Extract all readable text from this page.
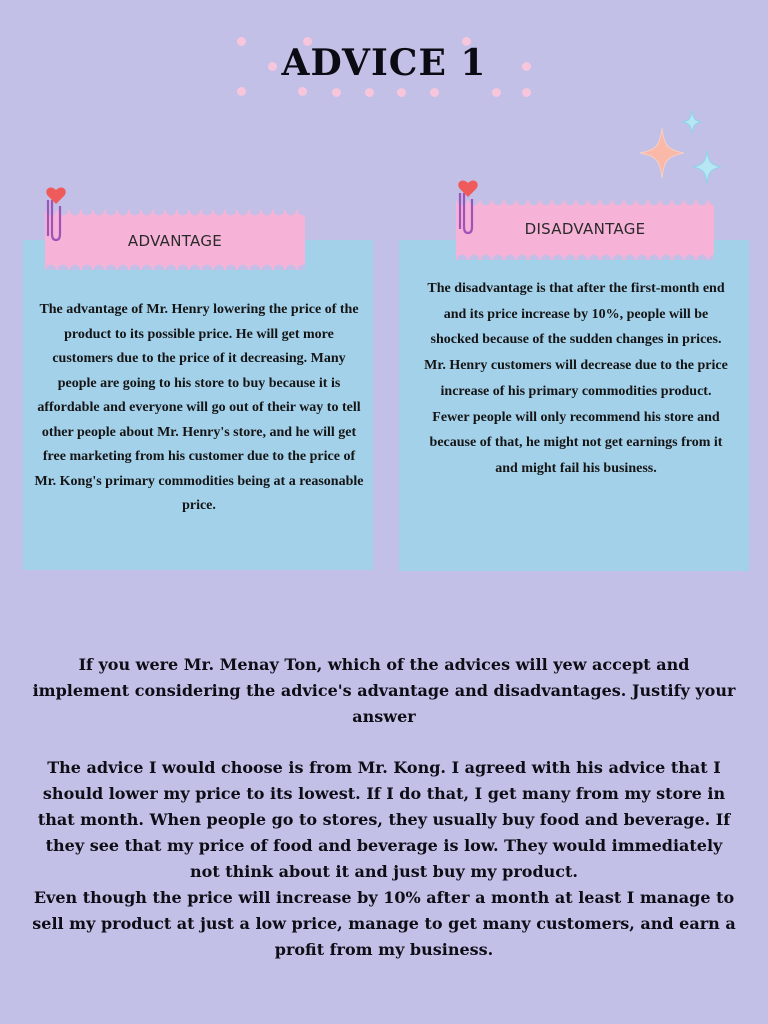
ADVICE 1
ADVANTAGE

The advantage of Mr. Henry lowering the price of the product to its possible price. He will get more customers due to the price of it decreasing. Many people are going to his store to buy because it is affordable and everyone will go out of their way to tell other people about Mr. Henry's store, and he will get free marketing from his customer due to the price of Mr. Kong's primary commodities being at a reasonable price.

DISADVANTAGE

The disadvantage is that after the first-month end and its price increase by 10%, people will be shocked because of the sudden changes in prices.

Mr. Henry customers will decrease due to the price increase of his primary commodities product.

Fewer people will only recommend his store and because of that, he might not get earnings from it and might fail his business.

If you were Mr. Menay Ton, which of the advices will yew accept and implement considering the advice's advantage and disadvantages. Justify your answer

The advice I would choose is from Mr. Kong. I agreed with his advice that I should lower my price to its lowest. If I do that, I get many from my store in that month. When people go to stores, they usually buy food and beverage. If they see that my price of food and beverage is low. They would immediately not think about it and just buy my product.

Even though the price will increase by 10% after a month at least I manage to sell my product at just a low price, manage to get many customers, and earn a profit from my business.
